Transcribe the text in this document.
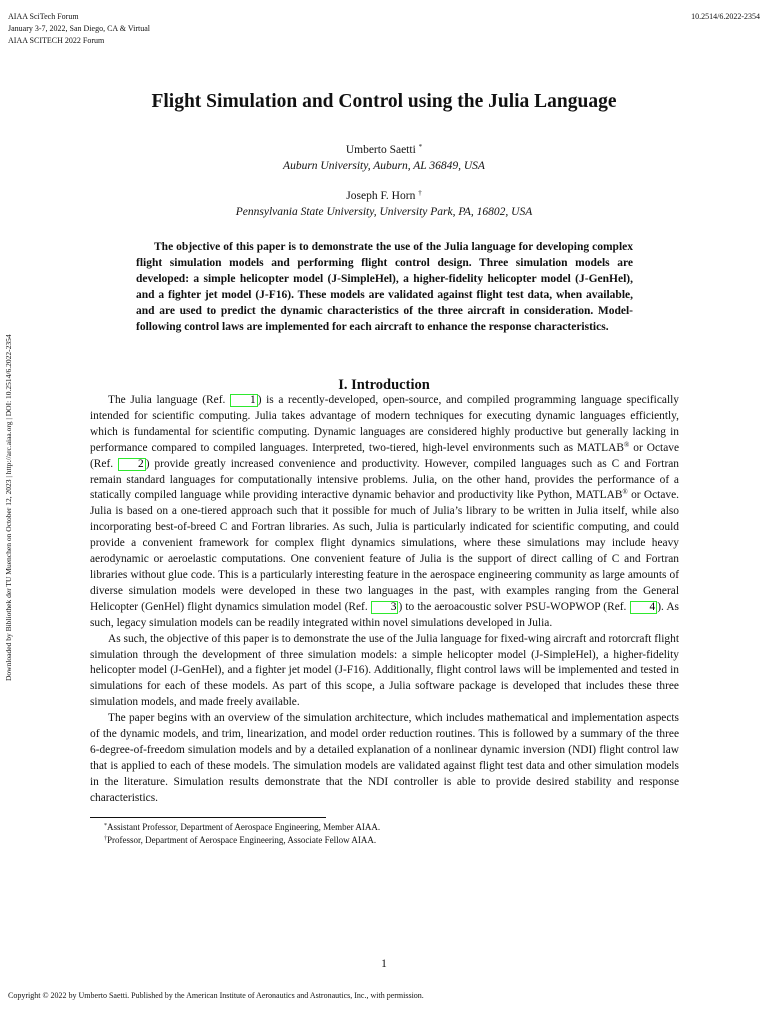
AIAA SciTech Forum
January 3-7, 2022, San Diego, CA & Virtual
AIAA SCITECH 2022 Forum
10.2514/6.2022-2354
Downloaded by Bibliothek der TU Muenchen on October 12, 2023 | http://arc.aiaa.org | DOI: 10.2514/6.2022-2354
Flight Simulation and Control using the Julia Language
Umberto Saetti *
Auburn University, Auburn, AL 36849, USA
Joseph F. Horn †
Pennsylvania State University, University Park, PA, 16802, USA
The objective of this paper is to demonstrate the use of the Julia language for developing complex flight simulation models and performing flight control design. Three simulation models are developed: a simple helicopter model (J-SimpleHel), a higher-fidelity helicopter model (J-GenHel), and a fighter jet model (J-F16). These models are validated against flight test data, when available, and are used to predict the dynamic characteristics of the three aircraft in consideration. Model-following control laws are implemented for each aircraft to enhance the response characteristics.
I. Introduction

The Julia language (Ref. 1 ) is a recently-developed, open-source, and compiled programming language specifically intended for scientific computing. Julia takes advantage of modern techniques for executing dynamic languages efficiently, which is fundamental for scientific computing. Dynamic languages are considered highly productive but generally lacking in performance compared to compiled languages. Interpreted, two-tiered, high-level environments such as MATLAB® or Octave (Ref. 2 ) provide greatly increased convenience and productivity. However, compiled languages such as C and Fortran remain standard languages for computationally intensive problems. Julia, on the other hand, provides the performance of a statically compiled language while providing interactive dynamic behavior and productivity like Python, MATLAB® or Octave. Julia is based on a one-tiered approach such that it possible for much of Julia’s library to be written in Julia itself, while also incorporating best-of-breed C and Fortran libraries. As such, Julia is particularly indicated for scientific computing, and could provide a convenient framework for complex flight dynamics simulations, where these simulations may include heavy aerodynamic or aeroelastic computations. One convenient feature of Julia is the support of direct calling of C and Fortran libraries without glue code. This is a particularly interesting feature in the aerospace engineering community as large amounts of diverse simulation models were developed in these two languages in the past, with examples ranging from the General Helicopter (GenHel) flight dynamics simulation model (Ref. 3 ) to the aeroacoustic solver PSU-WOPWOP (Ref. 4 ). As such, legacy simulation models can be readily integrated within novel simulations developed in Julia.

As such, the objective of this paper is to demonstrate the use of the Julia language for fixed-wing aircraft and rotorcraft flight simulation through the development of three simulation models: a simple helicopter model (J-SimpleHel), a higher-fidelity helicopter model (J-GenHel), and a fighter jet model (J-F16). Additionally, flight control laws will be implemented and tested in simulations for each of these models. As part of this scope, a Julia software package is developed that includes these three simulation models, and made freely available.

The paper begins with an overview of the simulation architecture, which includes mathematical and implementation aspects of the dynamic models, and trim, linearization, and model order reduction routines. This is followed by a summary of the three 6-degree-of-freedom simulation models and by a detailed explanation of a nonlinear dynamic inversion (NDI) flight control law that is applied to each of these models. The simulation models are validated against flight test data and other simulation models in the literature. Simulation results demonstrate that the NDI controller is able to provide desired stability and response characteristics.

*Assistant Professor, Department of Aerospace Engineering, Member AIAA.
†Professor, Department of Aerospace Engineering, Associate Fellow AIAA.
1
Copyright © 2022 by Umberto Saetti. Published by the American Institute of Aeronautics and Astronautics, Inc., with permission.
